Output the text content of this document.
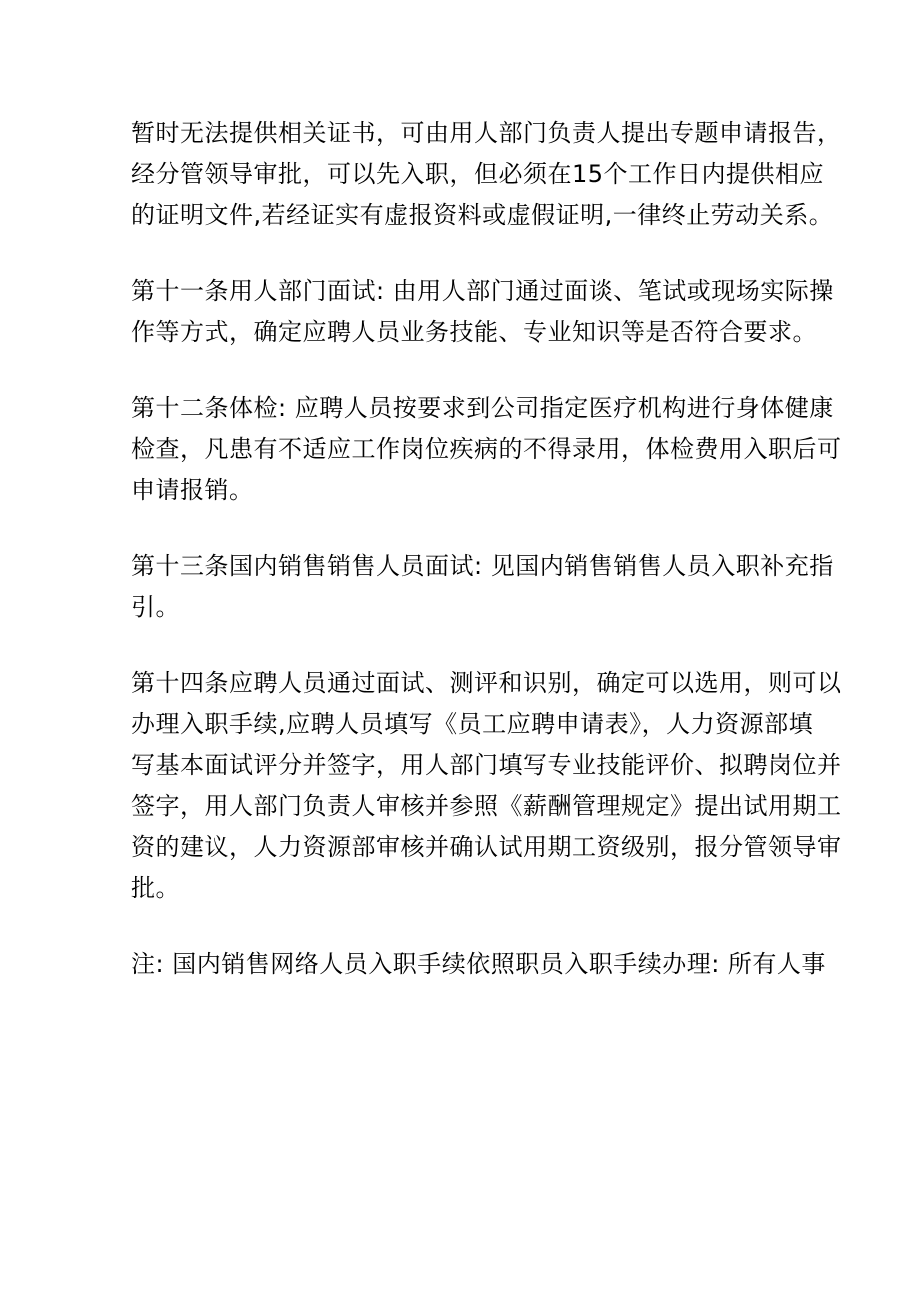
暂时无法提供相关证书，可由用人部门负责人提出专题申请报告，
经分管领导审批，可以先入职，但必须在15个工作日内提供相应
的证明文件,若经证实有虚报资料或虚假证明,一律终止劳动关系。
第十一条用人部门面试: 由用人部门通过面谈、笔试或现场实际操
作等方式，确定应聘人员业务技能、专业知识等是否符合要求。
第十二条体检: 应聘人员按要求到公司指定医疗机构进行身体健康
检查，凡患有不适应工作岗位疾病的不得录用，体检费用入职后可
申请报销。
第十三条国内销售销售人员面试: 见国内销售销售人员入职补充指
引。
第十四条应聘人员通过面试、测评和识别，确定可以选用，则可以
办理入职手续,应聘人员填写《员工应聘申请表》，人力资源部填
写基本面试评分并签字，用人部门填写专业技能评价、拟聘岗位并
签字，用人部门负责人审核并参照《薪酬管理规定》提出试用期工
资的建议，人力资源部审核并确认试用期工资级别，报分管领导审
批。
注: 国内销售网络人员入职手续依照职员入职手续办理: 所有人事
